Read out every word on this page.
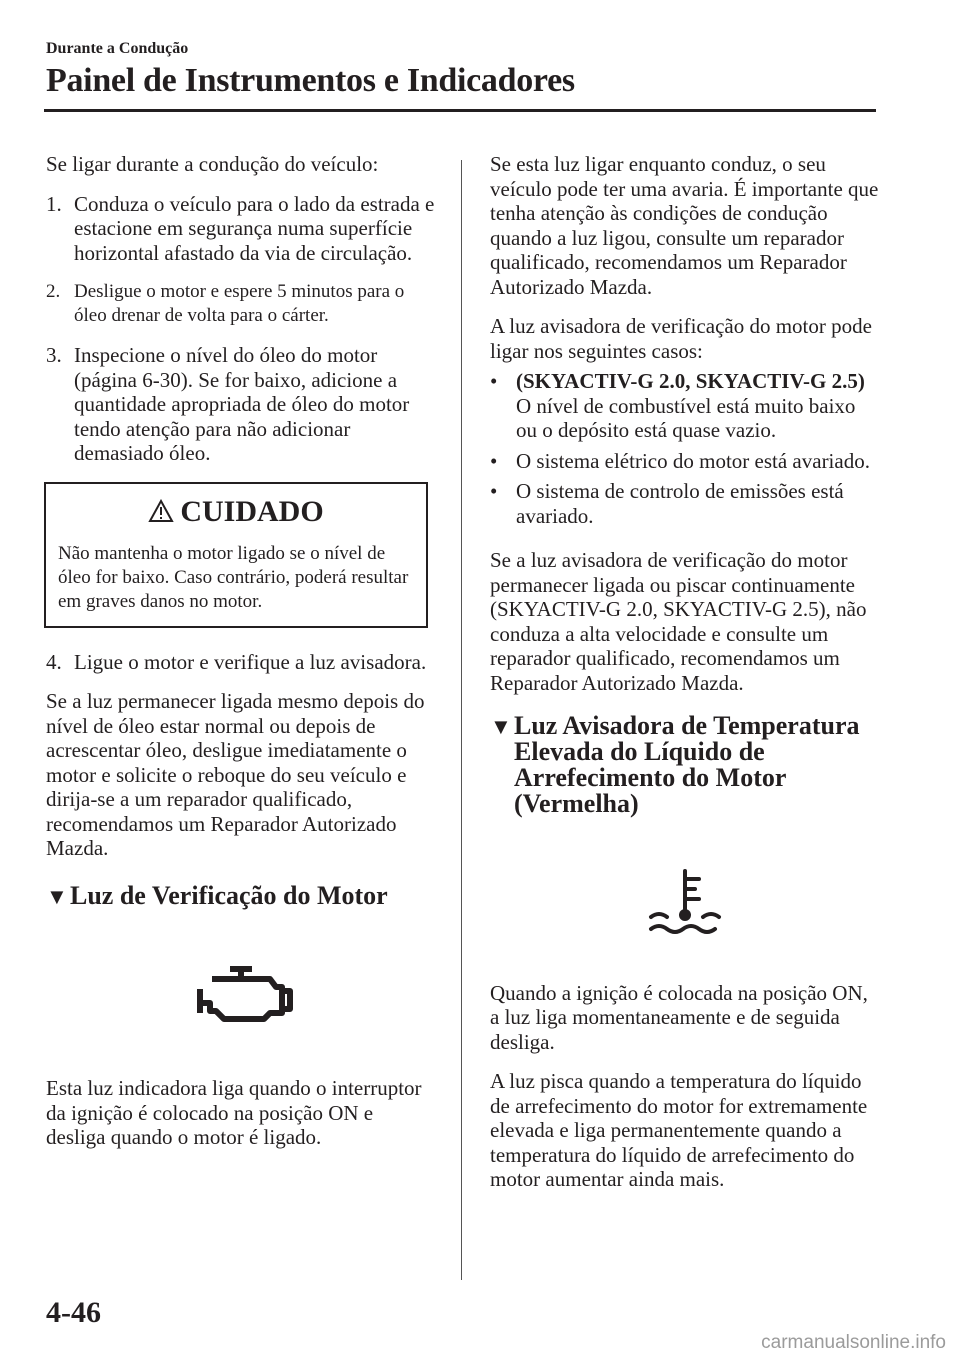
Durante a Condução
Painel de Instrumentos e Indicadores

Se ligar durante a condução do veículo:

1. Conduza o veículo para o lado da estrada e estacione em segurança numa superfície horizontal afastado da via de circulação.
2. Desligue o motor e espere 5 minutos para o óleo drenar de volta para o cárter.
3. Inspecione o nível do óleo do motor (página 6-30). Se for baixo, adicione a quantidade apropriada de óleo do motor tendo atenção para não adicionar demasiado óleo.
CUIDADO
Não mantenha o motor ligado se o nível de óleo for baixo. Caso contrário, poderá resultar em graves danos no motor.
4. Ligue o motor e verifique a luz avisadora.

Se a luz permanecer ligada mesmo depois do nível de óleo estar normal ou depois de acrescentar óleo, desligue imediatamente o motor e solicite o reboque do seu veículo e dirija-se a um reparador qualificado, recomendamos um Reparador Autorizado Mazda.

▼ Luz de Verificação do Motor

Esta luz indicadora liga quando o interruptor da ignição é colocado na posição ON e desliga quando o motor é ligado.

Se esta luz ligar enquanto conduz, o seu veículo pode ter uma avaria. É importante que tenha atenção às condições de condução quando a luz ligou, consulte um reparador qualificado, recomendamos um Reparador Autorizado Mazda.

A luz avisadora de verificação do motor pode ligar nos seguintes casos:

• (SKYACTIV-G 2.0, SKYACTIV-G 2.5)
O nível de combustível está muito baixo ou o depósito está quase vazio.
• O sistema elétrico do motor está avariado.
• O sistema de controlo de emissões está avariado.

Se a luz avisadora de verificação do motor permanecer ligada ou piscar continuamente (SKYACTIV-G 2.0, SKYACTIV-G 2.5), não conduza a alta velocidade e consulte um reparador qualificado, recomendamos um Reparador Autorizado Mazda.

▼ Luz Avisadora de Temperatura Elevada do Líquido de Arrefecimento do Motor (Vermelha)

Quando a ignição é colocada na posição ON, a luz liga momentaneamente e de seguida desliga.

A luz pisca quando a temperatura do líquido de arrefecimento do motor for extremamente elevada e liga permanentemente quando a temperatura do líquido de arrefecimento do motor aumentar ainda mais.

4-46
carmanualsonline.info
